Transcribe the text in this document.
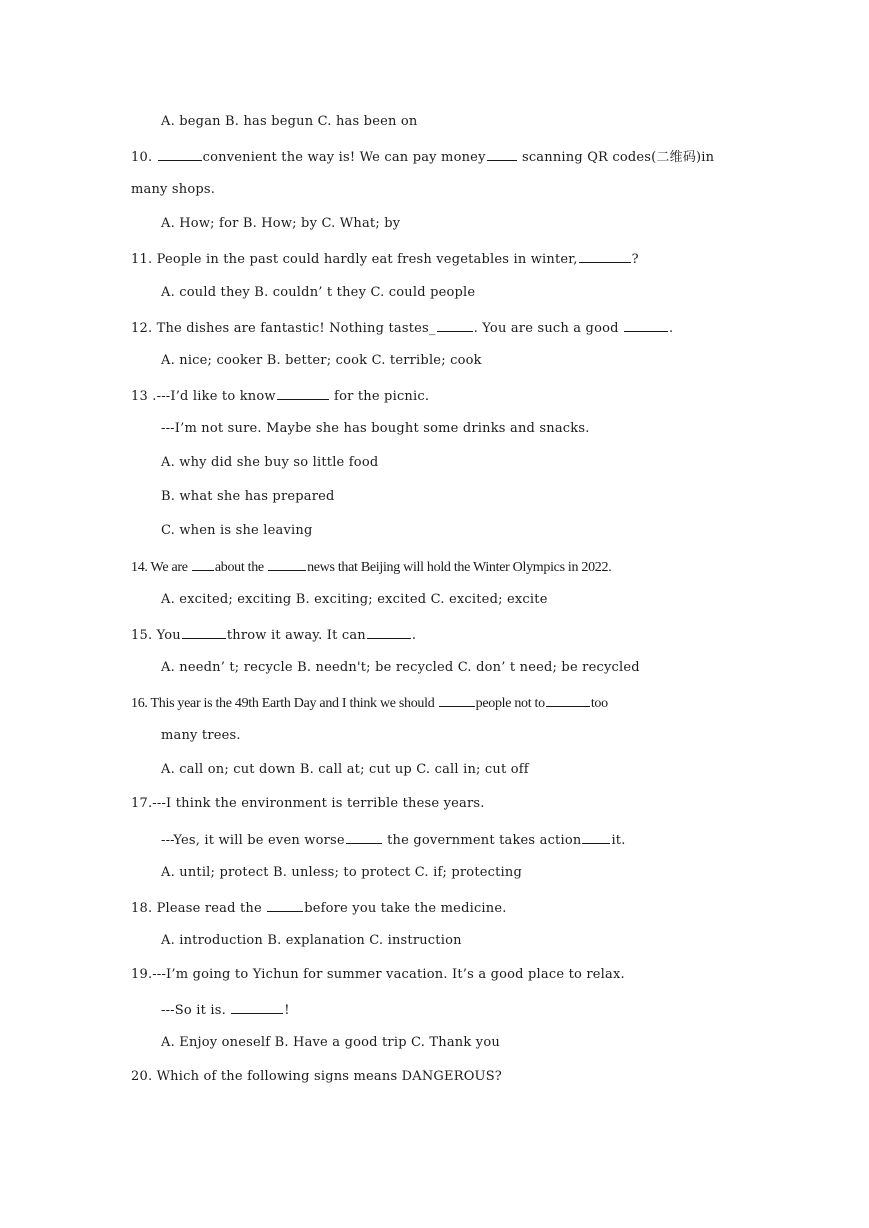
A. began B. has begun C. has been on
10.	convenient the way is! We can pay money scanning QR codes(二维码)in
many shops.
A. How; for B. How; by C. What; by
11. People in the past could hardly eat fresh vegetables in winter,	?
A. could they B. couldn’ t they C. could people
12. The dishes are fantastic! Nothing tastes_	. You are such a good	.
A. nice; cooker B. better; cook C. terrible; cook
13 .---I’d like to know	for the picnic.
---I’m not sure. Maybe she has bought some drinks and snacks.
A. why did she buy so little food
B. what she has prepared
C. when is she leaving
14. We are about the	news that Beijing will hold the Winter Olympics in 2022.
A. excited; exciting B. exciting; excited C. excited; excite
15. You	throw it away. It can	.
A. needn’ t; recycle B. needn't; be recycled C. don’ t need; be recycled
16. This year is the 49th Earth Day and I think we should	people not to	too
many trees.
A. call on; cut down B. call at; cut up C. call in; cut off
17.---I think the environment is terrible these years.
---Yes, it will be even worse	the government takes action it.
A. until; protect B. unless; to protect C. if; protecting
18. Please read the	before you take the medicine.
A. introduction B. explanation C. instruction
19.---I’m going to Yichun for summer vacation. It’s a good place to relax.
---So it is.	!
A. Enjoy oneself B. Have a good trip C. Thank you
20. Which of the following signs means DANGEROUS?
